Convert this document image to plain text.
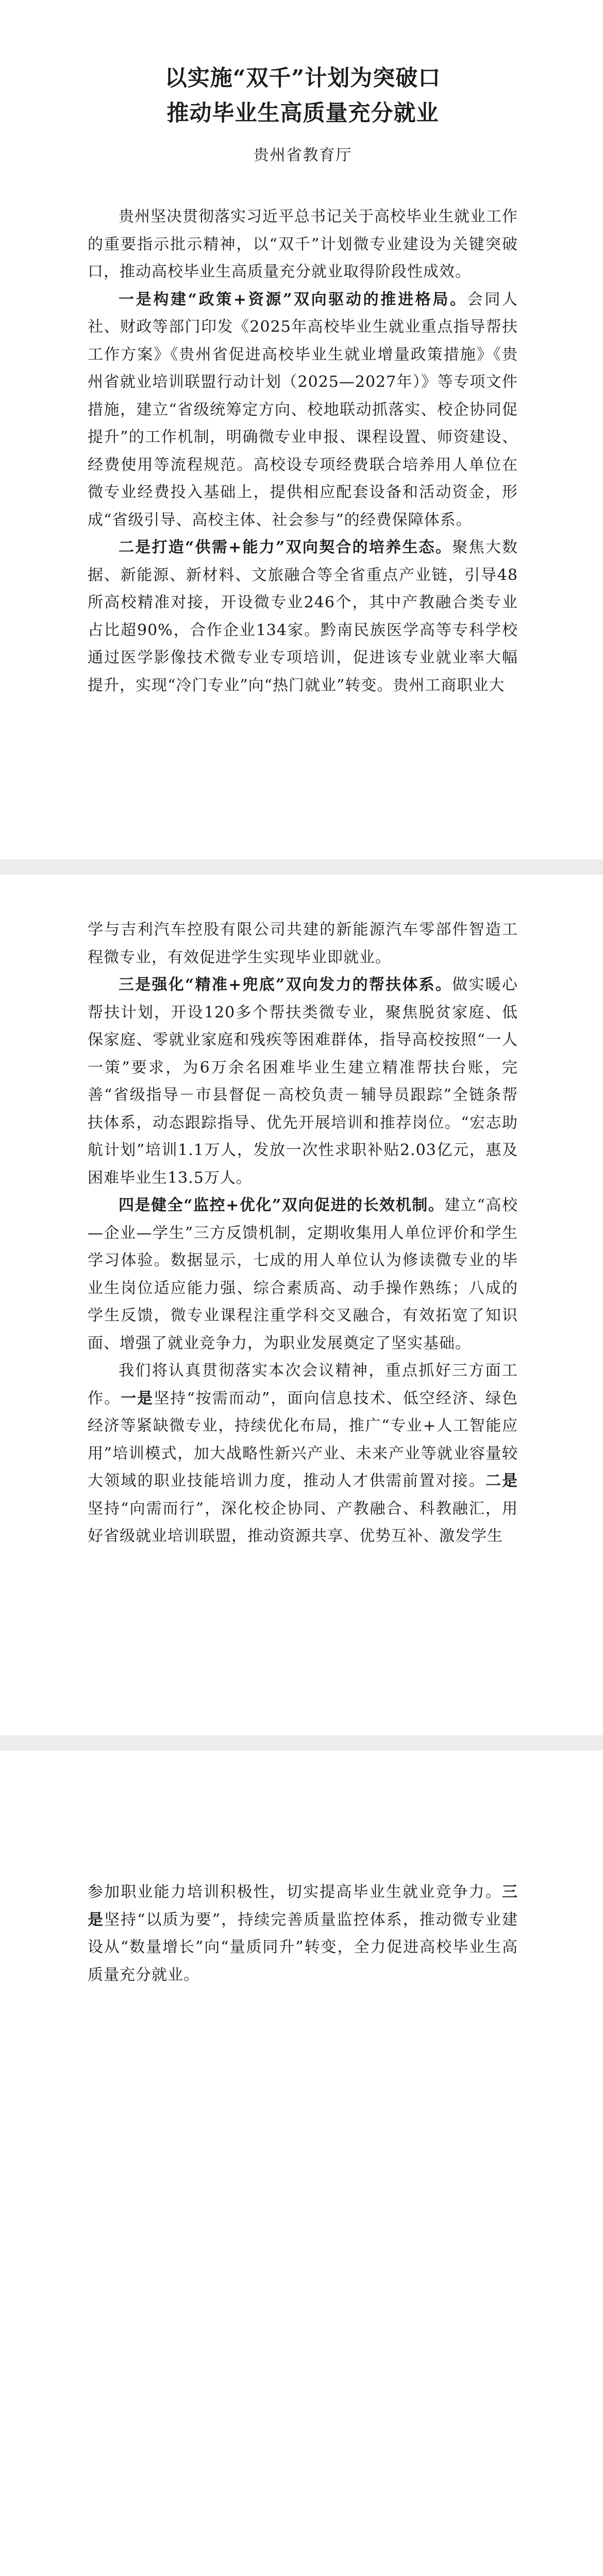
以实施“双千”计划为突破口
推动毕业生高质量充分就业
贵州省教育厅

贵州坚决贯彻落实习近平总书记关于高校毕业生就业工作的重要指示批示精神，以“双千”计划微专业建设为关键突破口，推动高校毕业生高质量充分就业取得阶段性成效。

一是构建“政策+资源”双向驱动的推进格局。会同人社、财政等部门印发《2025年高校毕业生就业重点指导帮扶工作方案》《贵州省促进高校毕业生就业增量政策措施》《贵州省就业培训联盟行动计划（2025—2027年）》等专项文件措施，建立“省级统筹定方向、校地联动抓落实、校企协同促提升”的工作机制，明确微专业申报、课程设置、师资建设、经费使用等流程规范。高校设专项经费联合培养用人单位在微专业经费投入基础上，提供相应配套设备和活动资金，形成“省级引导、高校主体、社会参与”的经费保障体系。

二是打造“供需+能力”双向契合的培养生态。聚焦大数据、新能源、新材料、文旅融合等全省重点产业链，引导48所高校精准对接，开设微专业246个，其中产教融合类专业占比超90%，合作企业134家。黔南民族医学高等专科学校通过医学影像技术微专业专项培训，促进该专业就业率大幅提升，实现“冷门专业”向“热门就业”转变。贵州工商职业大

学与吉利汽车控股有限公司共建的新能源汽车零部件智造工程微专业，有效促进学生实现毕业即就业。

三是强化“精准+兜底”双向发力的帮扶体系。做实暖心帮扶计划，开设120多个帮扶类微专业，聚焦脱贫家庭、低保家庭、零就业家庭和残疾等困难群体，指导高校按照“一人一策”要求，为6万余名困难毕业生建立精准帮扶台账，完善“省级指导－市县督促－高校负责－辅导员跟踪”全链条帮扶体系，动态跟踪指导、优先开展培训和推荐岗位。“宏志助航计划”培训1.1万人，发放一次性求职补贴2.03亿元，惠及困难毕业生13.5万人。

四是健全“监控+优化”双向促进的长效机制。建立“高校—企业—学生”三方反馈机制，定期收集用人单位评价和学生学习体验。数据显示，七成的用人单位认为修读微专业的毕业生岗位适应能力强、综合素质高、动手操作熟练；八成的学生反馈，微专业课程注重学科交叉融合，有效拓宽了知识面、增强了就业竞争力，为职业发展奠定了坚实基础。

我们将认真贯彻落实本次会议精神，重点抓好三方面工作。一是坚持“按需而动”，面向信息技术、低空经济、绿色经济等紧缺微专业，持续优化布局，推广“专业+人工智能应用”培训模式，加大战略性新兴产业、未来产业等就业容量较大领域的职业技能培训力度，推动人才供需前置对接。二是坚持“向需而行”，深化校企协同、产教融合、科教融汇，用好省级就业培训联盟，推动资源共享、优势互补、激发学生

参加职业能力培训积极性，切实提高毕业生就业竞争力。三是坚持“以质为要”，持续完善质量监控体系，推动微专业建设从“数量增长”向“量质同升”转变，全力促进高校毕业生高质量充分就业。
